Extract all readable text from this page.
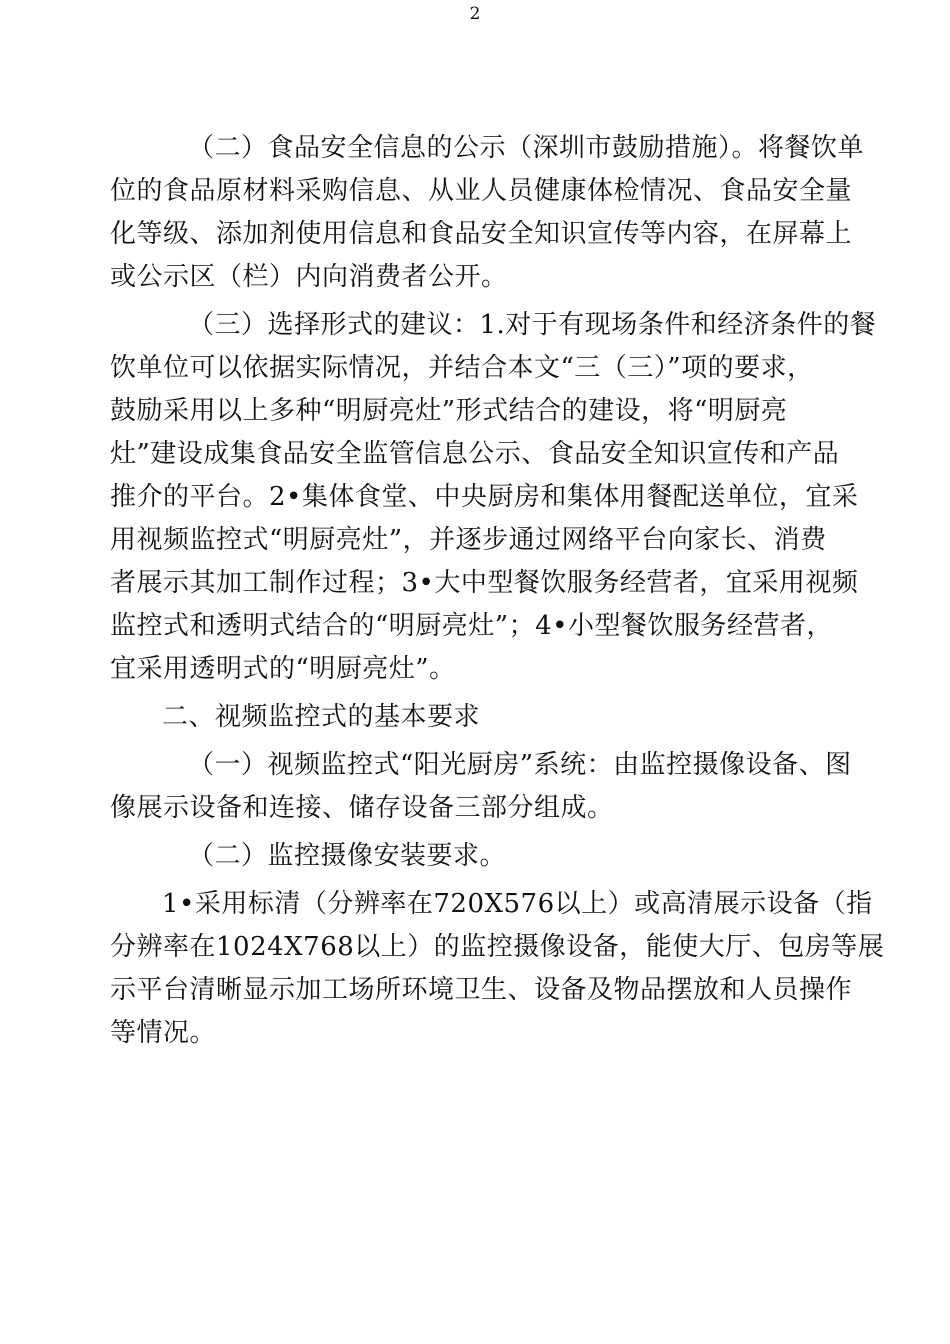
2
（二）食品安全信息的公示（深圳市鼓励措施）。将餐饮单
位的食品原材料采购信息、从业人员健康体检情况、食品安全量
化等级、添加剂使用信息和食品安全知识宣传等内容，在屏幕上
或公示区（栏）内向消费者公开。
（三）选择形式的建议：1.对于有现场条件和经济条件的餐
饮单位可以依据实际情况，并结合本文“三（三）”项的要求，
鼓励采用以上多种“明厨亮灶”形式结合的建设，将“明厨亮
灶”建设成集食品安全监管信息公示、食品安全知识宣传和产品
推介的平台。2•集体食堂、中央厨房和集体用餐配送单位，宜采
用视频监控式“明厨亮灶”，并逐步通过网络平台向家长、消费
者展示其加工制作过程；3•大中型餐饮服务经营者，宜采用视频
监控式和透明式结合的“明厨亮灶”；4•小型餐饮服务经营者，
宜采用透明式的“明厨亮灶”。
二、视频监控式的基本要求
（一）视频监控式“阳光厨房”系统：由监控摄像设备、图
像展示设备和连接、储存设备三部分组成。
（二）监控摄像安装要求。
1•采用标清（分辨率在720X576以上）或高清展示设备（指
分辨率在1024X768以上）的监控摄像设备，能使大厅、包房等展
示平台清晰显示加工场所环境卫生、设备及物品摆放和人员操作
等情况。
